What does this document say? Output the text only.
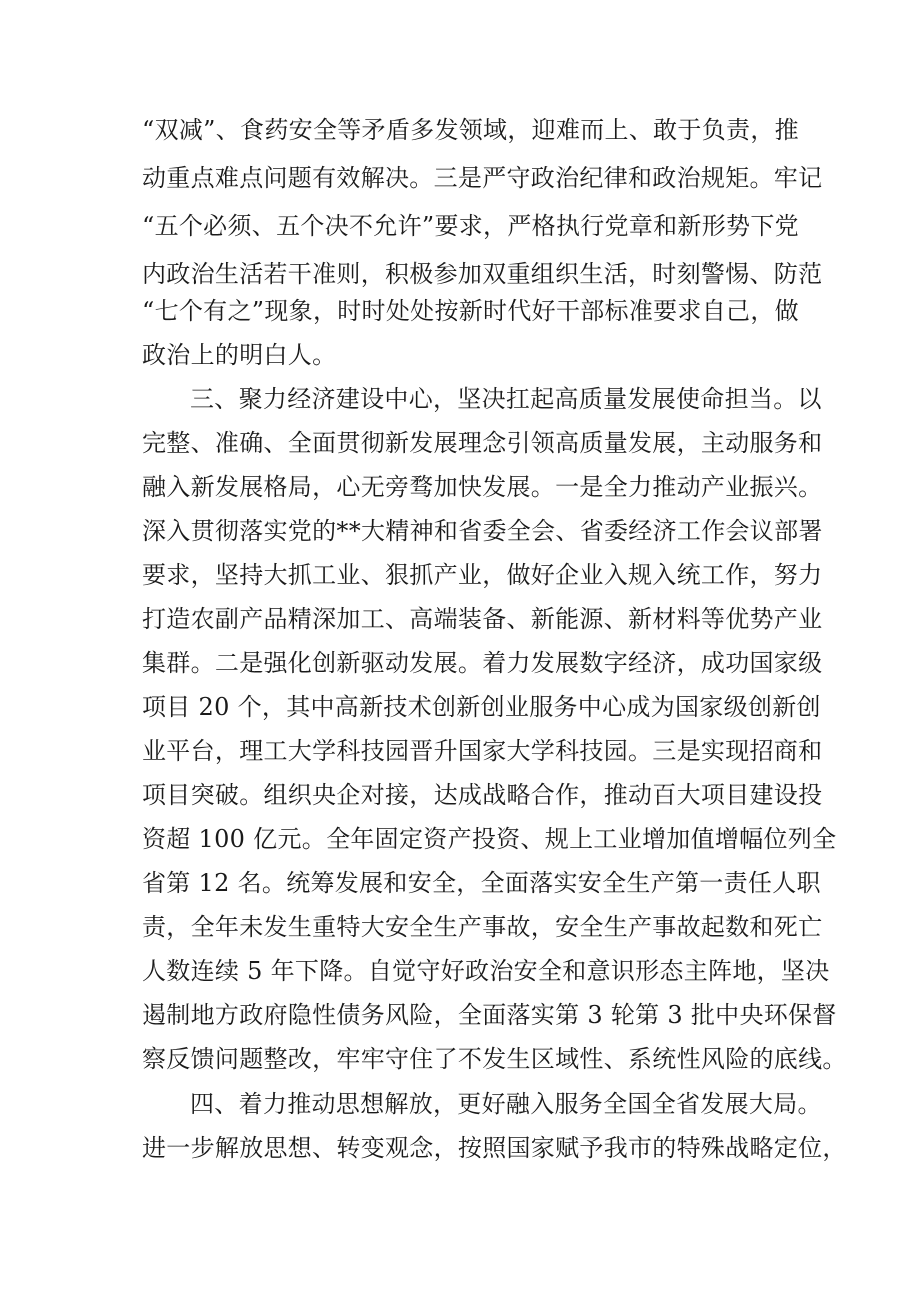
“双减”、食药安全等矛盾多发领域，迎难而上、敢于负责，推
动重点难点问题有效解决。三是严守政治纪律和政治规矩。牢记
“五个必须、五个决不允许”要求，严格执行党章和新形势下党
内政治生活若干准则，积极参加双重组织生活，时刻警惕、防范
“七个有之”现象，时时处处按新时代好干部标准要求自己，做
政治上的明白人。
三、聚力经济建设中心，坚决扛起高质量发展使命担当。以
完整、准确、全面贯彻新发展理念引领高质量发展，主动服务和
融入新发展格局，心无旁骛加快发展。一是全力推动产业振兴。
深入贯彻落实党的**大精神和省委全会、省委经济工作会议部署
要求，坚持大抓工业、狠抓产业，做好企业入规入统工作，努力
打造农副产品精深加工、高端装备、新能源、新材料等优势产业
集群。二是强化创新驱动发展。着力发展数字经济，成功国家级
项目 20 个，其中高新技术创新创业服务中心成为国家级创新创
业平台，理工大学科技园晋升国家大学科技园。三是实现招商和
项目突破。组织央企对接，达成战略合作，推动百大项目建设投
资超 100 亿元。全年固定资产投资、规上工业增加值增幅位列全
省第 12 名。统筹发展和安全，全面落实安全生产第一责任人职
责，全年未发生重特大安全生产事故，安全生产事故起数和死亡
人数连续 5 年下降。自觉守好政治安全和意识形态主阵地，坚决
遏制地方政府隐性债务风险，全面落实第 3 轮第 3 批中央环保督
察反馈问题整改，牢牢守住了不发生区域性、系统性风险的底线。
四、着力推动思想解放，更好融入服务全国全省发展大局。
进一步解放思想、转变观念，按照国家赋予我市的特殊战略定位，
